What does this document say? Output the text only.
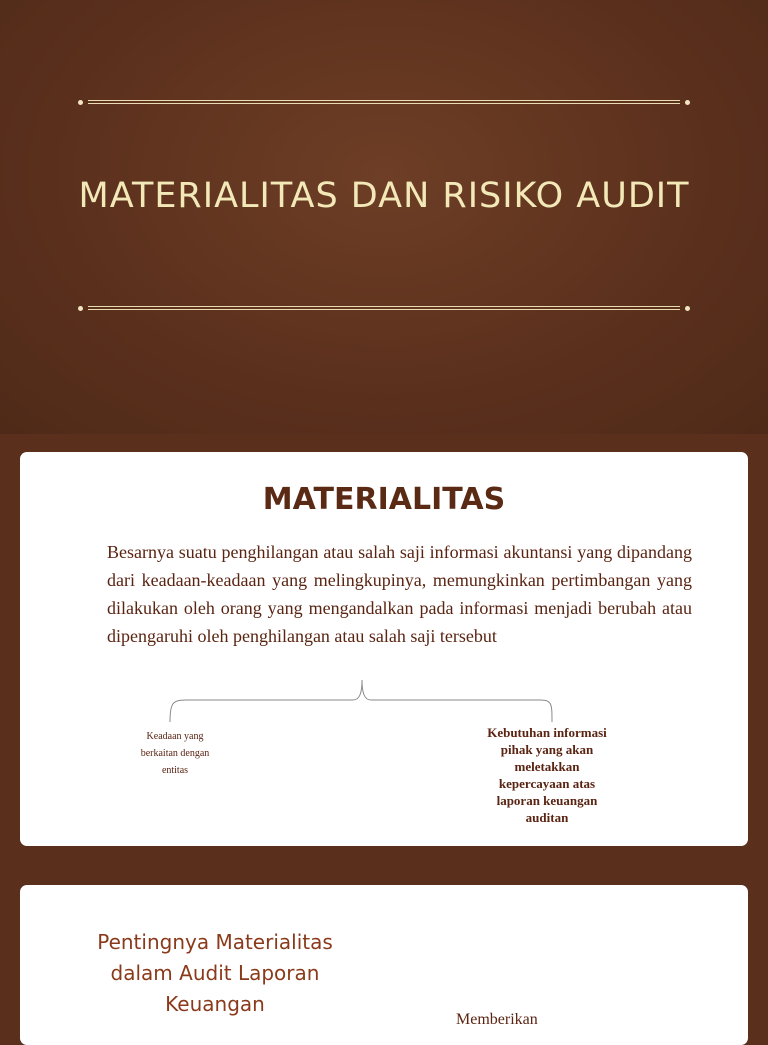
MATERIALITAS DAN RISIKO AUDIT
MATERIALITAS
Besarnya suatu penghilangan atau salah saji informasi akuntansi yang dipandang dari keadaan-keadaan yang melingkupinya, memungkinkan pertimbangan yang dilakukan oleh orang yang mengandalkan pada informasi menjadi berubah atau dipengaruhi oleh penghilangan atau salah saji tersebut
Keadaan yang
berkaitan dengan
entitas
Kebutuhan informasi
pihak yang akan
meletakkan
kepercayaan atas
laporan keuangan
auditan
Pentingnya Materialitas
dalam Audit Laporan
Keuangan
Memberikan
